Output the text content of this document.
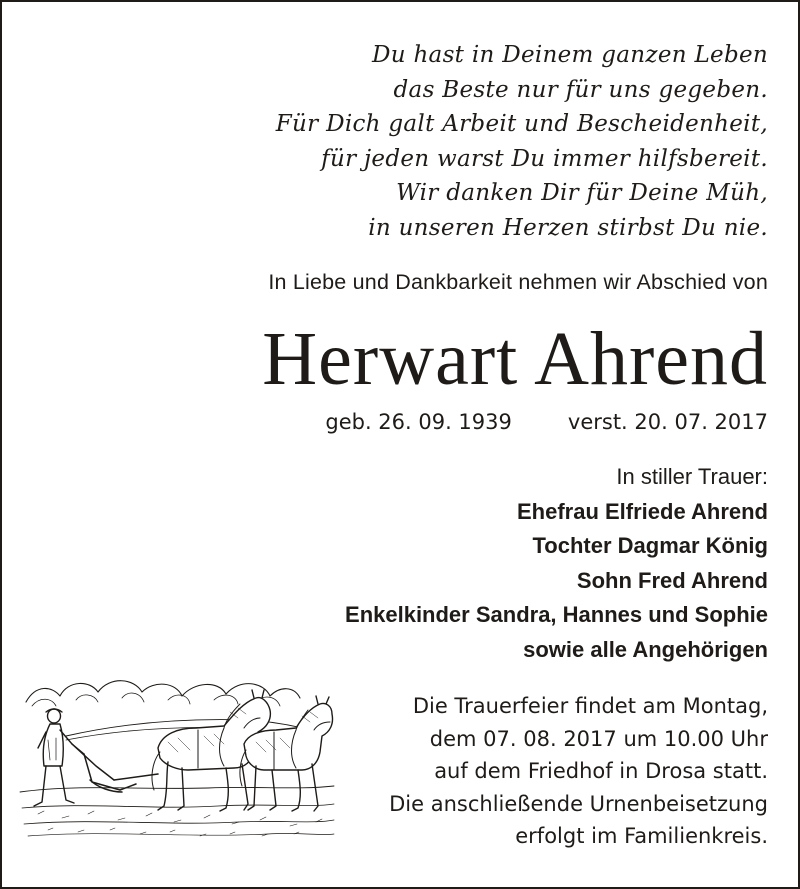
Du hast in Deinem ganzen Leben
das Beste nur für uns gegeben.
Für Dich galt Arbeit und Bescheidenheit,
für jeden warst Du immer hilfsbereit.
Wir danken Dir für Deine Müh,
in unseren Herzen stirbst Du nie.
In Liebe und Dankbarkeit nehmen wir Abschied von
Herwart Ahrend
geb. 26. 09. 1939	verst. 20. 07. 2017
In stiller Trauer:
Ehefrau Elfriede Ahrend
Tochter Dagmar König
Sohn Fred Ahrend
Enkelkinder Sandra, Hannes und Sophie
sowie alle Angehörigen
Die Trauerfeier findet am Montag,
dem 07. 08. 2017 um 10.00 Uhr
auf dem Friedhof in Drosa statt.
Die anschließende Urnenbeisetzung
erfolgt im Familienkreis.
